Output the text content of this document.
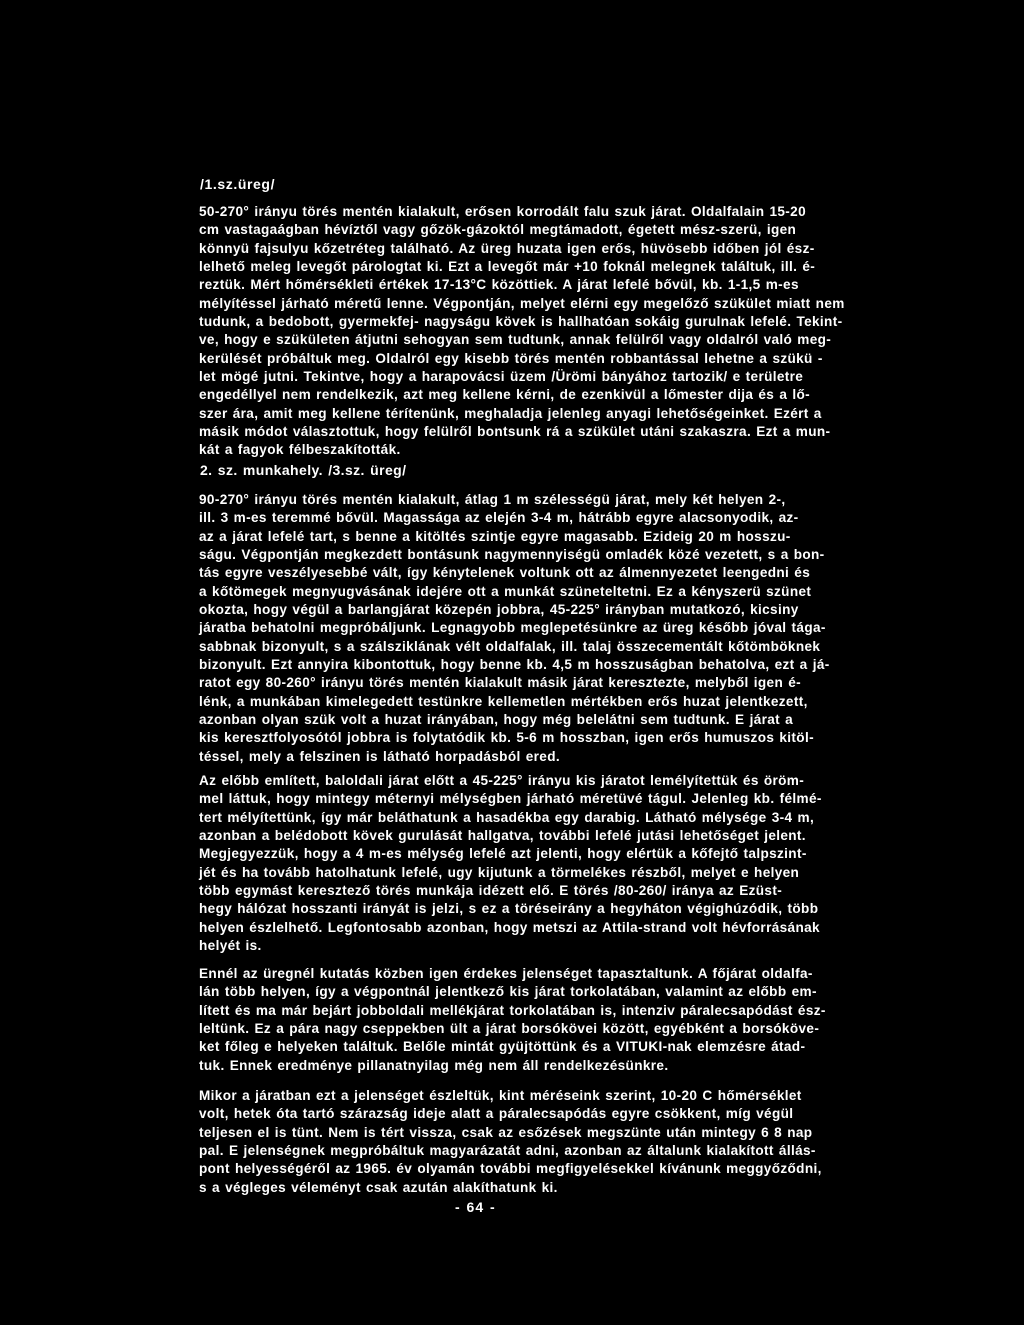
/1.sz.üreg/
50-270° irányu törés mentén kialakult, erősen korrodált falu szuk járat. Oldalfalain 15-20
cm vastagaágban hévíztől vagy gőzök-gázoktól megtámadott, égetett mész-szerü, igen
könnyü fajsulyu kőzetréteg található. Az üreg huzata igen erős, hüvösebb időben jól ész-
lelhető meleg levegőt párologtat ki. Ezt a levegőt már +10 foknál melegnek találtuk, ill. é-
reztük. Mért hőmérsékleti értékek 17-13°C közöttiek. A járat lefelé bővül, kb. 1-1,5 m-es
mélyítéssel járható méretű lenne. Végpontján, melyet elérni egy megelőző szükület miatt nem
tudunk, a bedobott, gyermekfej- nagyságu kövek is hallhatóan sokáig gurulnak lefelé. Tekint-
ve, hogy e szükületen átjutni sehogyan sem tudtunk, annak felülről vagy oldalról való meg-
kerülését próbáltuk meg. Oldalról egy kisebb törés mentén robbantással lehetne a szükü -
let mögé jutni. Tekintve, hogy a harapovácsi üzem /Ürömi bányához tartozik/ e területre
engedéllyel nem rendelkezik, azt meg kellene kérni, de ezenkivül a lőmester dija és a lő-
szer ára, amit meg kellene térítenünk, meghaladja jelenleg anyagi lehetőségeinket. Ezért a
másik módot választottuk, hogy felülről bontsunk rá a szükület utáni szakaszra. Ezt a mun-
kát a fagyok félbeszakították.
2. sz. munkahely. /3.sz. üreg/
90-270° irányu törés mentén kialakult, átlag 1 m szélességü járat, mely két helyen 2-,
ill. 3 m-es teremmé bővül. Magassága az elején 3-4 m, hátrább egyre alacsonyodik, az-
az a járat lefelé tart, s benne a kitöltés szintje egyre magasabb. Ezideig 20 m hosszu-
ságu. Végpontján megkezdett bontásunk nagymennyiségü omladék közé vezetett, s a bon-
tás egyre veszélyesebbé vált, így kénytelenek voltunk ott az álmennyezetet leengedni és
a kőtömegek megnyugvásának idejére ott a munkát szüneteltetni. Ez a kényszerü szünet
okozta, hogy végül a barlangjárat közepén jobbra, 45-225° irányban mutatkozó, kicsiny
járatba behatolni megpróbáljunk. Legnagyobb meglepetésünkre az üreg később jóval tága-
sabbnak bizonyult, s a szálsziklának vélt oldalfalak, ill. talaj összecementált kőtömböknek
bizonyult. Ezt annyira kibontottuk, hogy benne kb. 4,5 m hosszuságban behatolva, ezt a já-
ratot egy 80-260° irányu törés mentén kialakult másik járat keresztezte, melyből igen é-
lénk, a munkában kimelegedett testünkre kellemetlen mértékben erős huzat jelentkezett,
azonban olyan szük volt a huzat irányában, hogy még belelátni sem tudtunk. E járat a
kis keresztfolyosótól jobbra is folytatódik kb. 5-6 m hosszban, igen erős humuszos kitöl-
téssel, mely a felszinen is látható horpadásból ered.
Az előbb említett, baloldali járat előtt a 45-225° irányu kis járatot lemélyítettük és öröm-
mel láttuk, hogy mintegy méternyi mélységben járható méretüvé tágul. Jelenleg kb. félmé-
tert mélyítettünk, így már beláthatunk a hasadékba egy darabig. Látható mélysége 3-4 m,
azonban a belédobott kövek gurulását hallgatva, további lefelé jutási lehetőséget jelent.
Megjegyezzük, hogy a 4 m-es mélység lefelé azt jelenti, hogy elértük a kőfejtő talpszint-
jét és ha tovább hatolhatunk lefelé, ugy kijutunk a törmelékes részből, melyet e helyen
több egymást keresztező törés munkája idézett elő. E törés /80-260/ iránya az Ezüst-
hegy hálózat hosszanti irányát is jelzi, s ez a töréseirány a hegyháton végighúzódik, több
helyen észlelhető. Legfontosabb azonban, hogy metszi az Attila-strand volt hévforrásának
helyét is.
Ennél az üregnél kutatás közben igen érdekes jelenséget tapasztaltunk. A főjárat oldalfa-
lán több helyen, így a végpontnál jelentkező kis járat torkolatában, valamint az előbb em-
lített és ma már bejárt jobboldali mellékjárat torkolatában is, intenziv páralecsapódást ész-
leltünk. Ez a pára nagy cseppekben ült a járat borsókövei között, egyébként a borsóköve-
ket főleg e helyeken találtuk. Belőle mintát gyüjtöttünk és a VITUKI-nak elemzésre átad-
tuk. Ennek eredménye pillanatnyilag még nem áll rendelkezésünkre.
Mikor a járatban ezt a jelenséget észleltük, kint méréseink szerint, 10-20 C hőmérséklet
volt, hetek óta tartó szárazság ideje alatt a páralecsapódás egyre csökkent, míg végül
teljesen el is tünt. Nem is tért vissza, csak az esőzések megszünte után mintegy 6 8 nap
pal. E jelenségnek megpróbáltuk magyarázatát adni, azonban az általunk kialakított állás-
pont helyességéről az 1965. év olyamán további megfigyelésekkel kívánunk meggyőződni,
s a végleges véleményt csak azután alakíthatunk ki.
- 64 -
